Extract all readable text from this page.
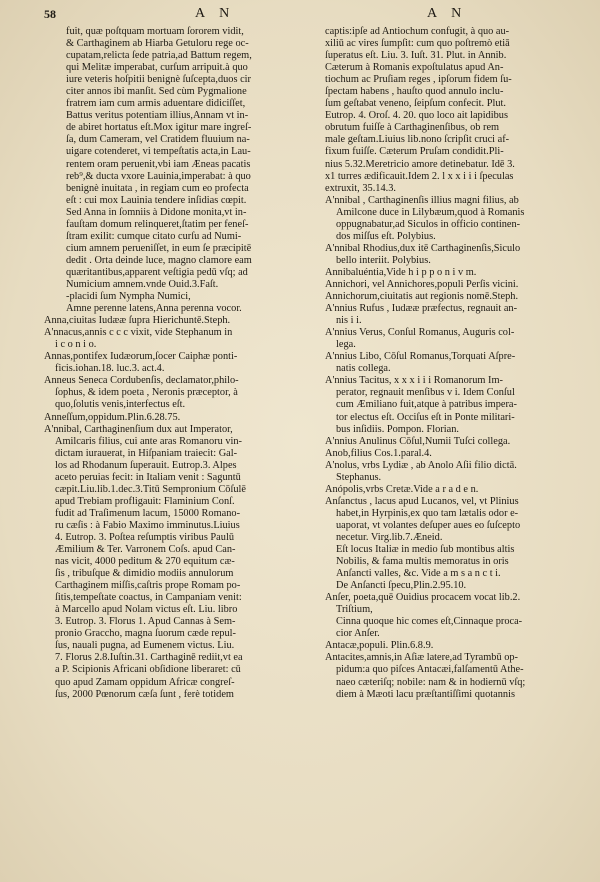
58	AN	AN
fuit, quæ poſtquam mortuam ſororem vidit,
& Carthaginem ab Hiarba Getuloru rege oc-
cupatam,relicta ſede patria,ad Battum regem,
qui Melitæ imperabat, curſum arripuit.à quo
iure veteris hoſpitii benignè ſuſcepta,duos cir
citer annos ibi manſit. Sed cùm Pygmalione
fratrem iam cum armis aduentare didiciſſet,
Battus veritus potentiam illius,Annam vt in-
de abiret hortatus eſt.Mox igitur mare ingreſ-
ſa, dum Cameram, vel Cratidem fluuium na-
uigare cotenderet, vi tempeſtatis acta,in Lau-
rentem oram peruenit,vbi iam Æneas pacatis
reb⁹,& ducta vxore Lauinia,imperabat: à quo
benignè inuitata , in regiam cum eo profecta
eſt : cui mox Lauinia tendere inſidias cœpit.
Sed Anna in ſomniis à Didone monita,vt in-
fauſtam domum relinqueret,ſtatim per feneſ-
ſtram exilit: cumque citato curſu ad Numi-
cium amnem perueniſſet, in eum ſe præcipitē
dedit . Orta deinde luce, magno clamore eam
quæritantibus,apparent veſtigia pedū vſq; ad
Numicium amnem.vnde Ouid.3.Faſt.
-placidi ſum Nympha Numici,
Amne perenne latens,Anna perenna vocor.
Anna,ciuitas Iudææ ſupra Hierichuntē.Steph.
A'nnacus,annis c c c vixit, vide Stephanum in
i c o n i o.
Annas,pontifex Iudæorum,ſocer Caiphæ ponti-
ficis.iohan.18. luc.3. act.4.
Anneus Seneca Cordubenſis, declamator,philo-
ſophus, & idem poeta , Neronis præceptor, à
quo,ſolutis venis,interfectus eſt.
Anneſſum,oppidum.Plin.6.28.75.
A'nnibal, Carthaginenſium dux aut Imperator,
Amilcaris filius, cui ante aras Romanoru vin-
dictam iurauerat, in Hiſpaniam traiecit: Gal-
los ad Rhodanum ſuperauit. Eutrop.3. Alpes
aceto peruias fecit: in Italiam venit : Saguntū
cæpit.Liu.lib.1.dec.3.Titū Sempronium Cōſulē
apud Trebiam profligauit: Flaminium Conſ.
fudit ad Traſimenum lacum, 15000 Romano-
ru cæſis : à Fabio Maximo imminutus.Liuius
4. Eutrop. 3. Poſtea reſumptis viribus Paulū
Æmilium & Ter. Varronem Coſs. apud Can-
nas vicit, 4000 peditum & 270 equitum cæ-
ſis , tribuſque & dimidio modiis annulorum
Carthaginem miſſis,caſtris prope Romam po-
ſitis,tempeſtate coactus, in Campaniam venit:
à Marcello apud Nolam victus eſt. Liu. libro
3. Eutrop. 3. Florus 1. Apud Cannas à Sem-
pronio Graccho, magna ſuorum cæde repul-
ſus, nauali pugna, ad Eumenem victus. Liu.
7. Florus 2.8.Iuſtin.31. Carthaginē rediit,vt ea
a P. Scipionis Africani obſidione liberaret: cū
quo apud Zamam oppidum Africæ congreſ-
ſus, 2000 Pœnorum cæſa ſunt , ferè totidem
captis:ipſe ad Antiochum confugit, à quo au-
xiliū ac vires ſumpſit: cum quo poſtremò etiā
ſuperatus eſt. Liu. 3. Iuſt. 31. Plut. in Annib.
Cæterum à Romanis expoſtulatus apud An-
tiochum ac Pruſiam reges , ipſorum fidem ſu-
ſpectam habens , hauſto quod annulo inclu-
ſum geſtabat veneno, ſeipſum confecit. Plut.
Eutrop. 4. Oroſ. 4. 20. quo loco ait lapidibus
obrutum fuiſſe à Carthaginenſibus, ob rem
male geſtam.Liuius lib.nono ſcripſit cruci af-
fixum fuiſſe. Cæterum Pruſam condidit.Pli-
nius 5.32.Meretricio amore detinebatur. Idē 3.
x1 turres ædificauit.Idem 2. l x x i i i ſpeculas
extruxit, 35.14.3.
A'nnibal , Carthaginenſis illius magni filius, ab
Amilcone duce in Lilybæum,quod à Romanis
oppugnabatur,ad Siculos in officio continen-
dos miſſus eſt. Polybius.
A'nnibal Rhodius,dux itē Carthaginenſis,Siculo
bello interiit. Polybius.
Annibaluéntia,Vide h i p p o n i v m.
Annichori, vel Annichores,populi Perſis vicini.
Annichorum,ciuitatis aut regionis nomē.Steph.
A'nnius Rufus , Iudææ præfectus, regnauit an-
nis i i.
A'nnius Verus, Conſul Romanus, Auguris col-
lega.
A'nnius Libo, Cōſul Romanus,Torquati Aſpre-
natis collega.
A'nnius Tacitus, x x x i i i Romanorum Im-
perator, regnauit menſibus v i. Idem Conſul
cum Æmiliano fuit,atque à patribus impera-
tor electus eſt. Occiſus eſt in Ponte militari-
bus inſidiis. Pompon. Florian.
A'nnius Anulinus Cōſul,Numii Tuſci collega.
Anob,filius Cos.1.paral.4.
A'nolus, vrbs Lydiæ , ab Anolo Aſii filio dictā.
Stephanus.
Anópolis,vrbs Cretæ.Vide a r a d e n.
Anſanctus , lacus apud Lucanos, vel, vt Plinius
habet,in Hyrpinis,ex quo tam lætalis odor e-
uaporat, vt volantes deſuper aues eo ſuſcepto
necetur. Virg.lib.7.Æneid.
Eſt locus Italiæ in medio ſub montibus altis
Nobilis, & fama multis memoratus in oris
Anſancti valles, &c. Vide a m s a n c t i.
De Anſancti ſpecu,Plin.2.95.10.
Anſer, poeta,quē Ouidius procacem vocat lib.2.
Triſtium,
Cinna quoque hic comes eſt,Cinnaque proca-
cior Anſer.
Antacæ,populi. Plin.6.8.9.
Antacites,amnis,in Aſiæ latere,ad Tyrambū op-
pidum:a quo piſces Antacæi,falſamentū Athe-
naeo cæteriſq; nobile: nam & in hodiernū vſq;
diem à Mæoti lacu præſtantiſſimi quotannis
